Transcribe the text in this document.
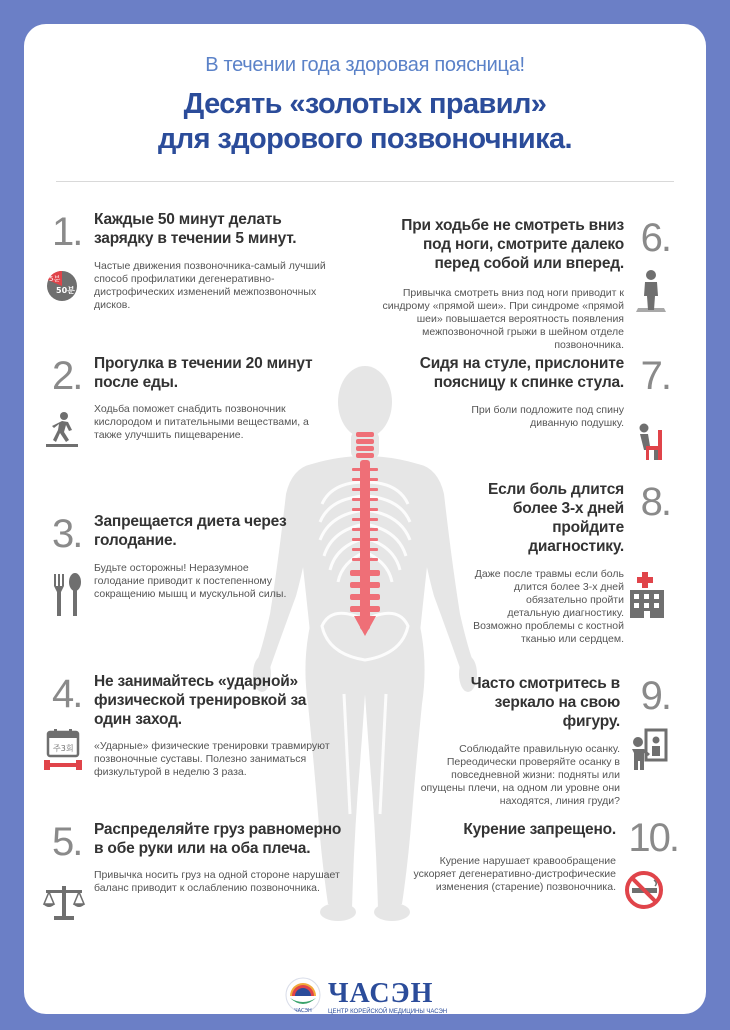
В течении года здоровая поясница!
Десять «золотых правил»
для здорового позвоночника.
1. Каждые 50 минут делать зарядку в течении 5 минут.

Частые движения позвоночника-самый лучший способ профилатики дегенеративно-дистрофических изменений межпозвоночных дисков.

5분
50분
2. Прогулка в течении 20 минут после еды.

Ходьба поможет снабдить позвоночник кислородом и питательными веществами, а также улучшить пищеварение.

3. Запрещается диета через голодание.

Будьте осторожны! Неразумное голодание приводит к постепенному сокращению мышц и мускульной силы.

4. Не занимайтесь «ударной» физической тренировкой за один заход.

«Ударные» физические тренировки травмируют позвоночные суставы. Полезно заниматься физкультурой в неделю 3 раза.

주3회
5. Распределяйте груз равномерно в обе руки или на оба плеча.

Привычка носить груз на одной стороне нарушает баланс приводит к ослаблению позвоночника.

При ходьбе не смотреть вниз под ноги, смотрите далеко перед собой или вперед.

Привычка смотреть вниз под ноги приводит к синдрому «прямой шеи». При синдроме «прямой шеи» повышается вероятность появления межпозвоночной грыжи в шейном отделе позвоночника.

6.
Сидя на стуле, прислоните поясницу к спинке стула.

При боли подложите под спину диванную подушку.

7.
Если боль длится более 3-х дней пройдите диагностику.

Даже после травмы если боль длится более 3-х дней обязательно пройти детальную диагностику. Возможно проблемы с костной тканью или сердцем.

8.
Часто смотритесь в зеркало на свою фигуру.

Соблюдайте правильную осанку. Переодически проверяйте осанку в повседневной жизни: подняты или опущены плечи, на одном ли уровне они находятся, линия груди?

9.
Курение запрещено.

Курение нарушает кравообращение ускоряет дегенеративно-дистрофические изменения (старение) позвоночника.

10.
ЧАСЭН
ЧАСЭН
ЦЕНТР КОРЕЙСКОЙ МЕДИЦИНЫ ЧАСЭН
